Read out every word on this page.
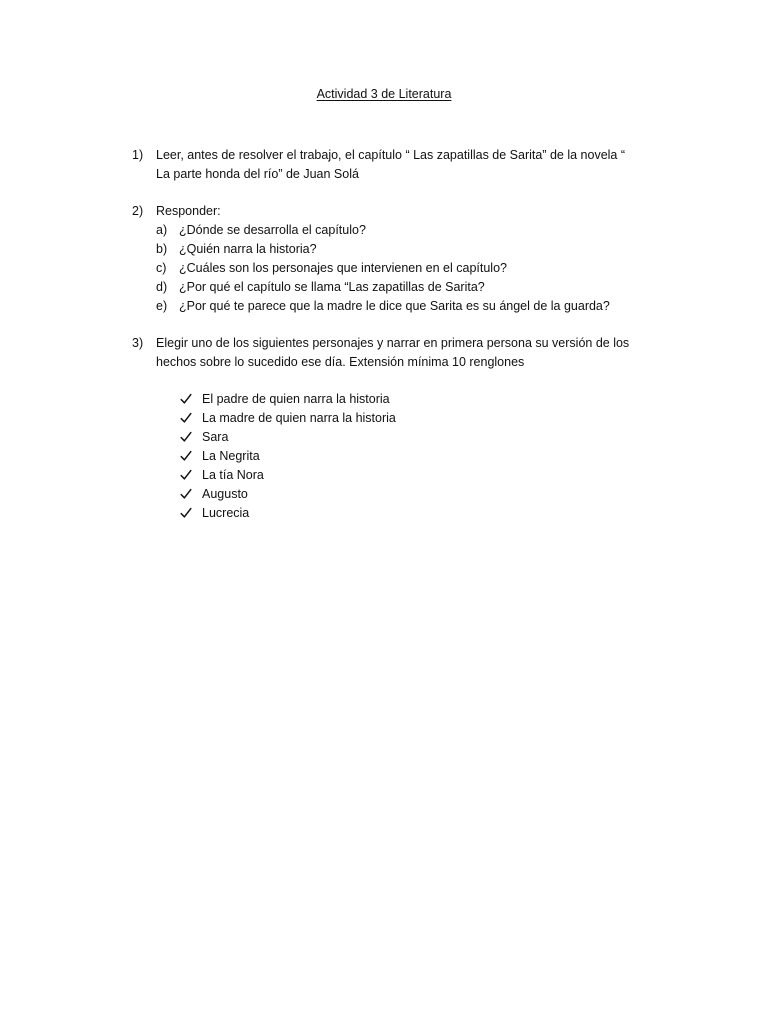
Actividad 3 de Literatura
1)	Leer, antes de resolver el trabajo, el capítulo “ Las zapatillas de Sarita” de la novela “
La parte honda del río” de Juan Solá
2)	Responder:
a) ¿Dónde se desarrolla el capítulo?
b) ¿Quién narra la historia?
c)	¿Cuáles son los personajes que intervienen en el capítulo?
d) ¿Por qué el capítulo se llama “Las zapatillas de Sarita?
e) ¿Por qué te parece que la madre le dice que Sarita es su ángel de la guarda?
3)	Elegir uno de los siguientes personajes y narrar en primera persona su versión de los
hechos sobre lo sucedido ese día. Extensión mínima 10 renglones
El padre de quien narra la historia
La madre de quien narra la historia
Sara
La Negrita
La tía Nora
Augusto
Lucrecia
